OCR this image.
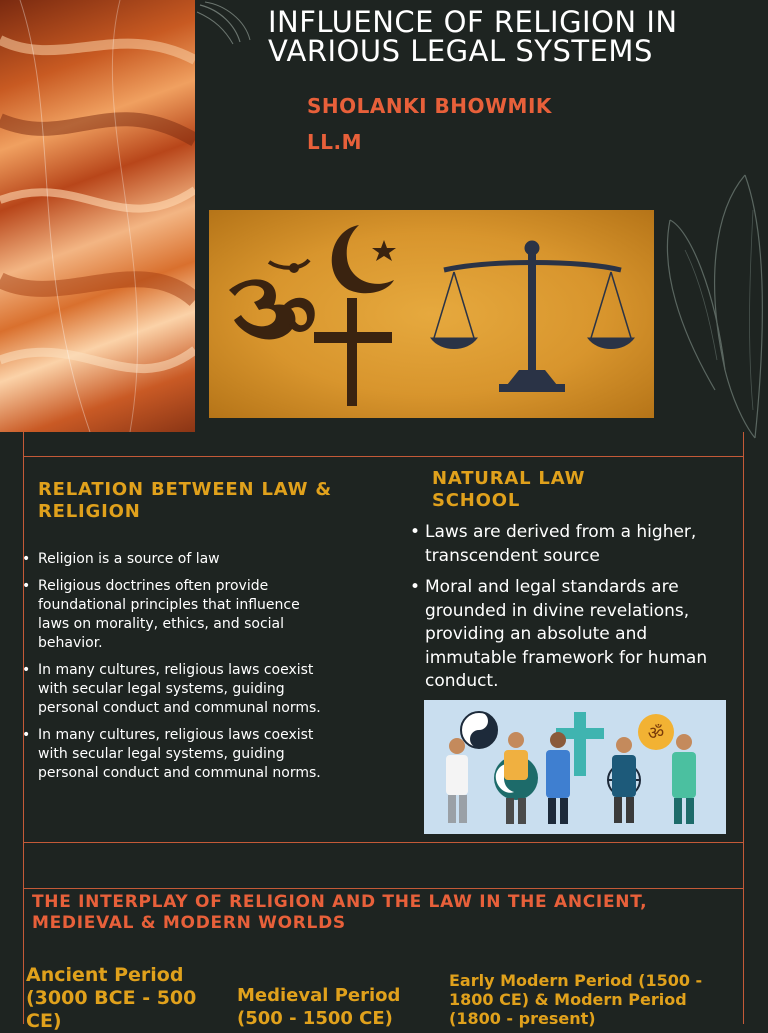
INFLUENCE OF RELIGION IN
VARIOUS LEGAL SYSTEMS
SHOLANKI BHOWMIK
LL.M
RELATION BETWEEN LAW & RELIGION
• Religion is a source of law
• Religious doctrines often provide foundational principles that influence laws on morality, ethics, and social behavior.
• In many cultures, religious laws coexist with secular legal systems, guiding personal conduct and communal norms.
• In many cultures, religious laws coexist with secular legal systems, guiding personal conduct and communal norms.
NATURAL LAW SCHOOL
• Laws are derived from a higher, transcendent source
• Moral and legal standards are grounded in divine revelations, providing an absolute and immutable framework for human conduct.
ॐ
THE INTERPLAY OF RELIGION AND THE LAW IN THE ANCIENT, MEDIEVAL & MODERN WORLDS
Ancient Period (3000 BCE - 500 CE)
Medieval Period (500 - 1500 CE)
Early Modern Period (1500 - 1800 CE) & Modern Period (1800 - present)
